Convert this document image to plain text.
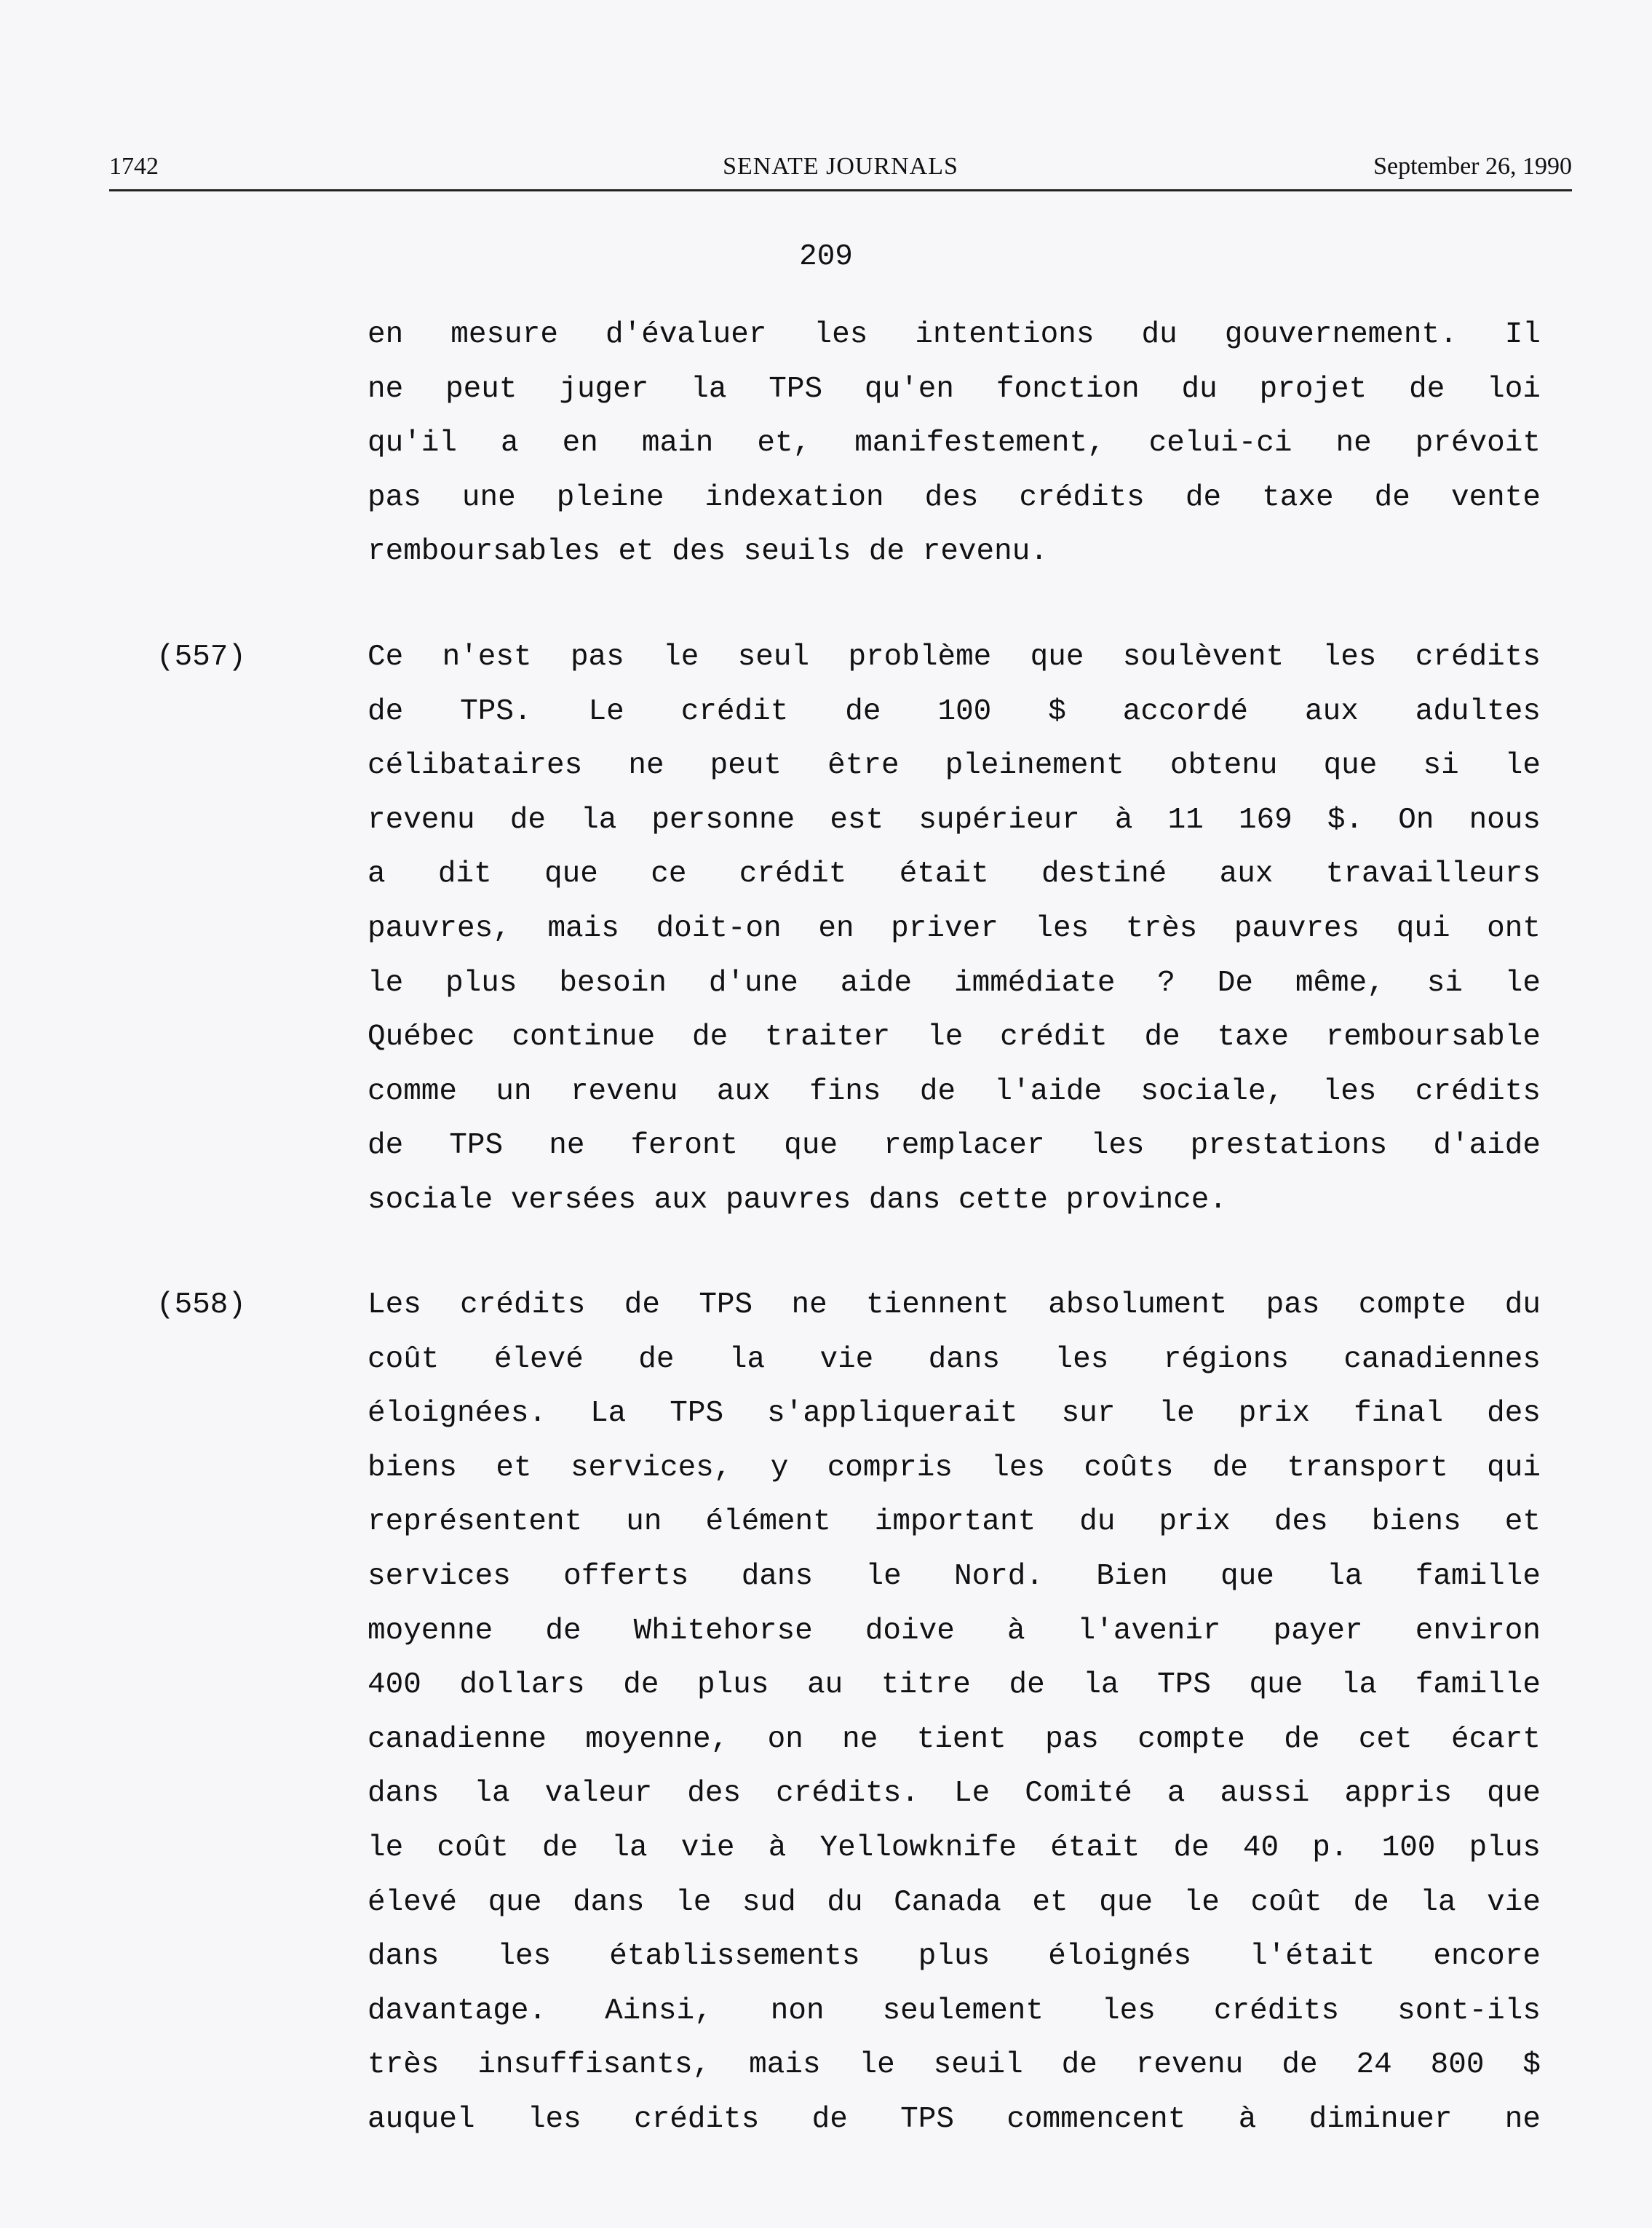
1742	SENATE JOURNALS	September 26, 1990
209
en mesure d'évaluer les intentions du gouvernement. Il
ne peut juger la TPS qu'en fonction du projet de loi
qu'il a en main et, manifestement, celui-ci ne prévoit
pas une pleine indexation des crédits de taxe de vente
remboursables et des seuils de revenu.
(557)	Ce n'est pas le seul problème que soulèvent les crédits
de TPS. Le crédit de 100 $ accordé aux adultes
célibataires ne peut être pleinement obtenu que si le
revenu de la personne est supérieur à 11 169 $. On nous
a dit que ce crédit était destiné aux travailleurs
pauvres, mais doit-on en priver les très pauvres qui ont
le plus besoin d'une aide immédiate ? De même, si le
Québec continue de traiter le crédit de taxe remboursable
comme un revenu aux fins de l'aide sociale, les crédits
de TPS ne feront que remplacer les prestations d'aide
sociale versées aux pauvres dans cette province.
(558)	Les crédits de TPS ne tiennent absolument pas compte du
coût élevé de la vie dans les régions canadiennes
éloignées. La TPS s'appliquerait sur le prix final des
biens et services, y compris les coûts de transport qui
représentent un élément important du prix des biens et
services offerts dans le Nord. Bien que la famille
moyenne de Whitehorse doive à l'avenir payer environ
400 dollars de plus au titre de la TPS que la famille
canadienne moyenne, on ne tient pas compte de cet écart
dans la valeur des crédits. Le Comité a aussi appris que
le coût de la vie à Yellowknife était de 40 p. 100 plus
élevé que dans le sud du Canada et que le coût de la vie
dans les établissements plus éloignés l'était encore
davantage. Ainsi, non seulement les crédits sont-ils
très insuffisants, mais le seuil de revenu de 24 800 $
auquel les crédits de TPS commencent à diminuer ne
